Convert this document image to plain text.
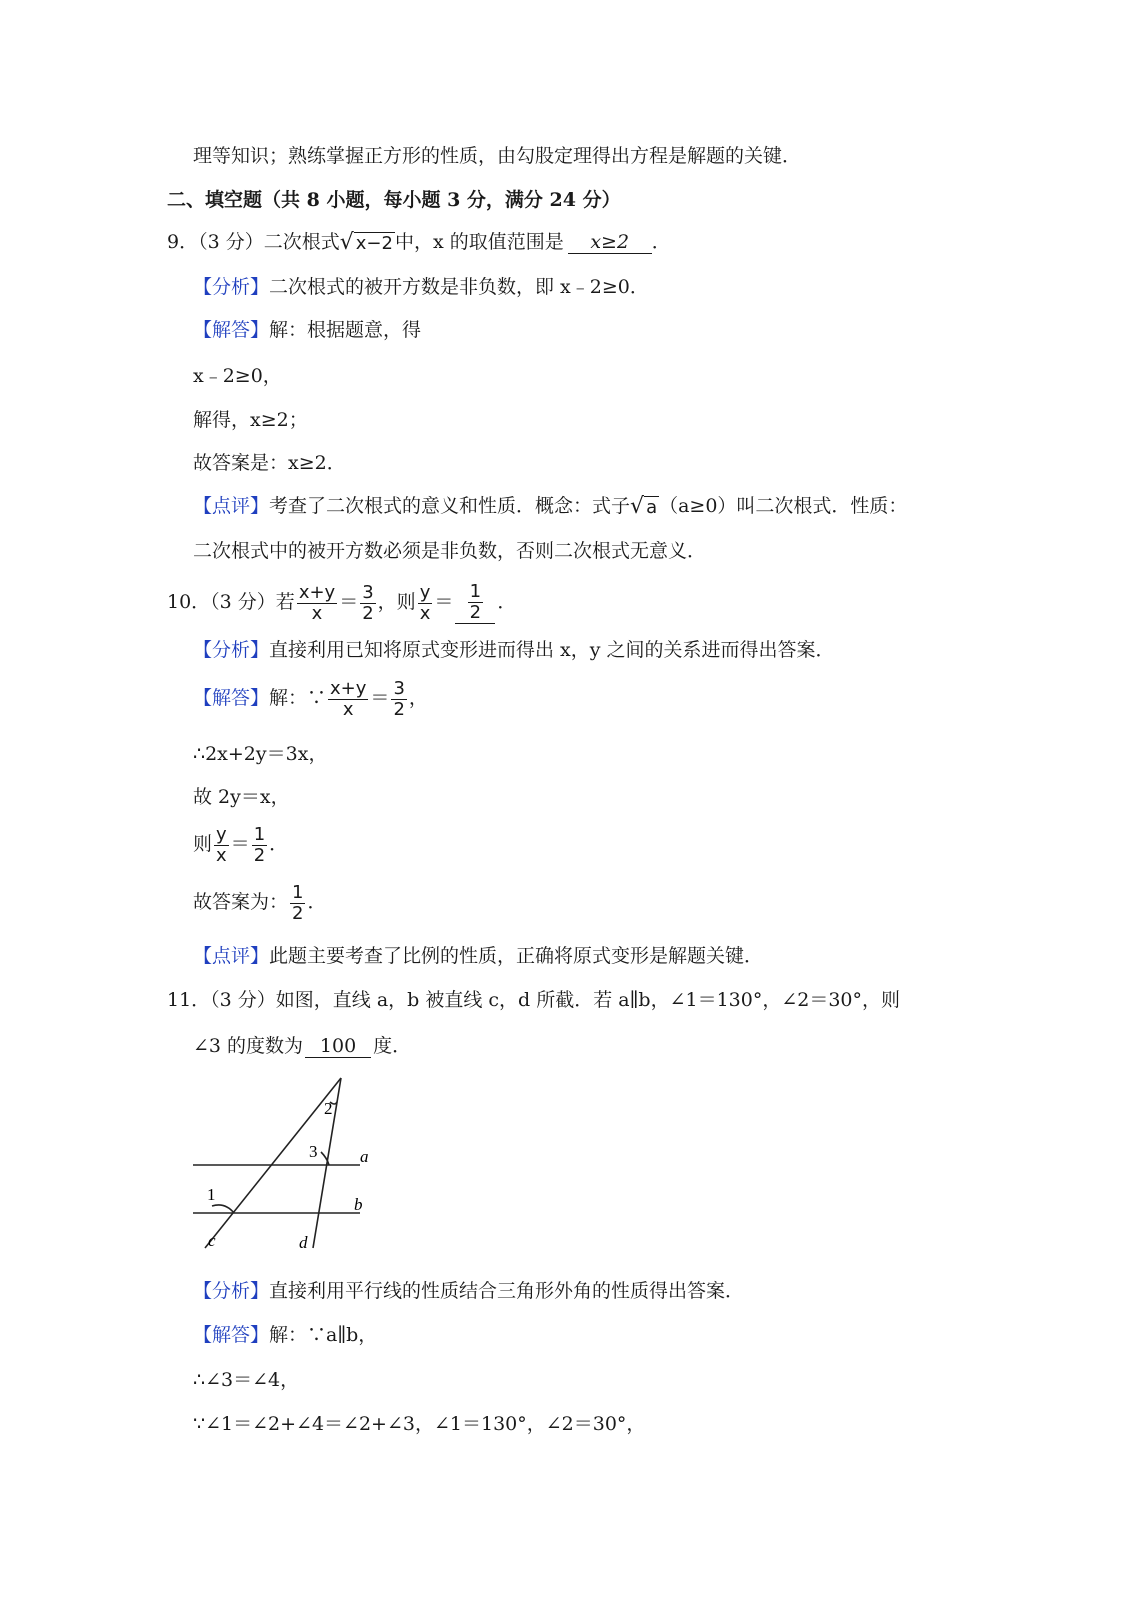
理等知识；熟练掌握正方形的性质，由勾股定理得出方程是解题的关键．
二、填空题（共 8 小题，每小题 3 分，满分 24 分）
9．（3 分）二次根式√ x−2 中，x 的取值范围是 x≥2 ．
【分析】二次根式的被开方数是非负数，即 x﹣2≥0．
【解答】解：根据题意，得
x﹣2≥0，
解得，x≥2；
故答案是：x≥2．
【点评】考查了二次根式的意义和性质．概念：式子√ a （a≥0）叫二次根式．性质：
二次根式中的被开方数必须是非负数，否则二次根式无意义．
10．（3 分）若 $\frac{x+y}{x} = \frac{3}{2}$ ，则 $\frac{y}{x} = \frac{1}{2}$ ．
【分析】直接利用已知将原式变形进而得出 x，y 之间的关系进而得出答案．
【解答】解：∵ $\frac{x+y}{x} = \frac{3}{2}$ ，
∴2x+2y＝3x，
故 2y＝x，
则 $\frac{y}{x} = \frac{1}{2}$ ．
故答案为： $\frac{1}{2}$ ．
【点评】此题主要考查了比例的性质，正确将原式变形是解题关键．
11．（3 分）如图，直线 a，b 被直线 c，d 所截．若 a∥b，∠1＝130°，∠2＝30°，则
∠3 的度数为 100 度．
1
2
3	a
b
c	d
【分析】直接利用平行线的性质结合三角形外角的性质得出答案．
【解答】解：∵a∥b，
∴∠3＝∠4，
∵∠1＝∠2+∠4＝∠2+∠3，∠1＝130°，∠2＝30°，
